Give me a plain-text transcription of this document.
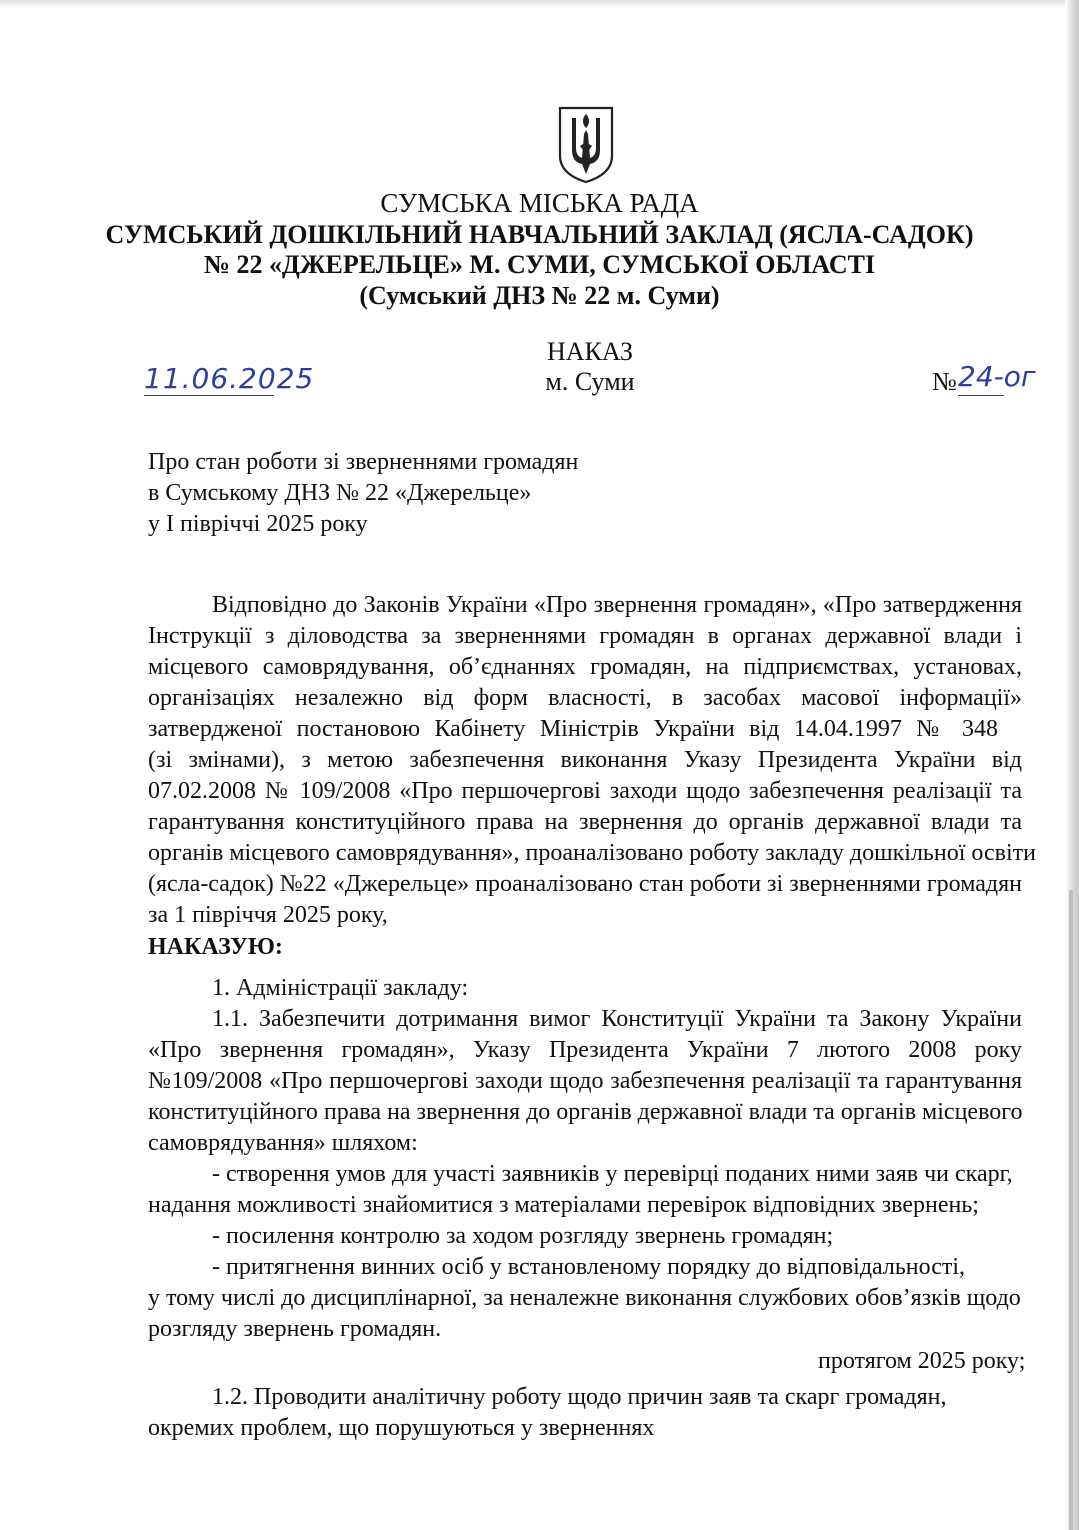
СУМСЬКА МІСЬКА РАДА
СУМСЬКИЙ ДОШКІЛЬНИЙ НАВЧАЛЬНИЙ ЗАКЛАД (ЯСЛА-САДОК)
№ 22 «ДЖЕРЕЛЬЦЕ» М. СУМИ, СУМСЬКОЇ ОБЛАСТІ
(Сумський ДНЗ № 22 м. Суми)
НАКАЗ
м. Суми
11.06.2025	№ 24-ог
Про стан роботи зі зверненнями громадян
в Сумському ДНЗ № 22 «Джерельце»
у І півріччі 2025 року
Відповідно до Законів України «Про звернення громадян», «Про затвердження
Інструкції з діловодства за зверненнями громадян в органах державної влади і
місцевого самоврядування, об’єднаннях громадян, на підприємствах, установах,
організаціях незалежно від форм власності, в засобах масової інформації»
затвердженої постановою Кабінету Міністрів України від 14.04.1997 № 348
(зі змінами), з метою забезпечення виконання Указу Президента України від
07.02.2008 № 109/2008 «Про першочергові заходи щодо забезпечення реалізації та
гарантування конституційного права на звернення до органів державної влади та
органів місцевого самоврядування», проаналізовано роботу закладу дошкільної освіти
(ясла-садок) №22 «Джерельце» проаналізовано стан роботи зі зверненнями громадян
за 1 півріччя 2025 року,
НАКАЗУЮ:
1. Адміністрації закладу:
1.1. Забезпечити дотримання вимог Конституції України та Закону України
«Про звернення громадян», Указу Президента України 7 лютого 2008 року
№109/2008 «Про першочергові заходи щодо забезпечення реалізації та гарантування
конституційного права на звернення до органів державної влади та органів місцевого
самоврядування» шляхом:
- створення умов для участі заявників у перевірці поданих ними заяв чи скарг,
надання можливості знайомитися з матеріалами перевірок відповідних звернень;
- посилення контролю за ходом розгляду звернень громадян;
- притягнення винних осіб у встановленому порядку до відповідальності,
у тому числі до дисциплінарної, за неналежне виконання службових обов’язків щодо
розгляду звернень громадян.
протягом 2025 року;
1.2. Проводити аналітичну роботу щодо причин заяв та скарг громадян,
окремих проблем, що порушуються у зверненнях
